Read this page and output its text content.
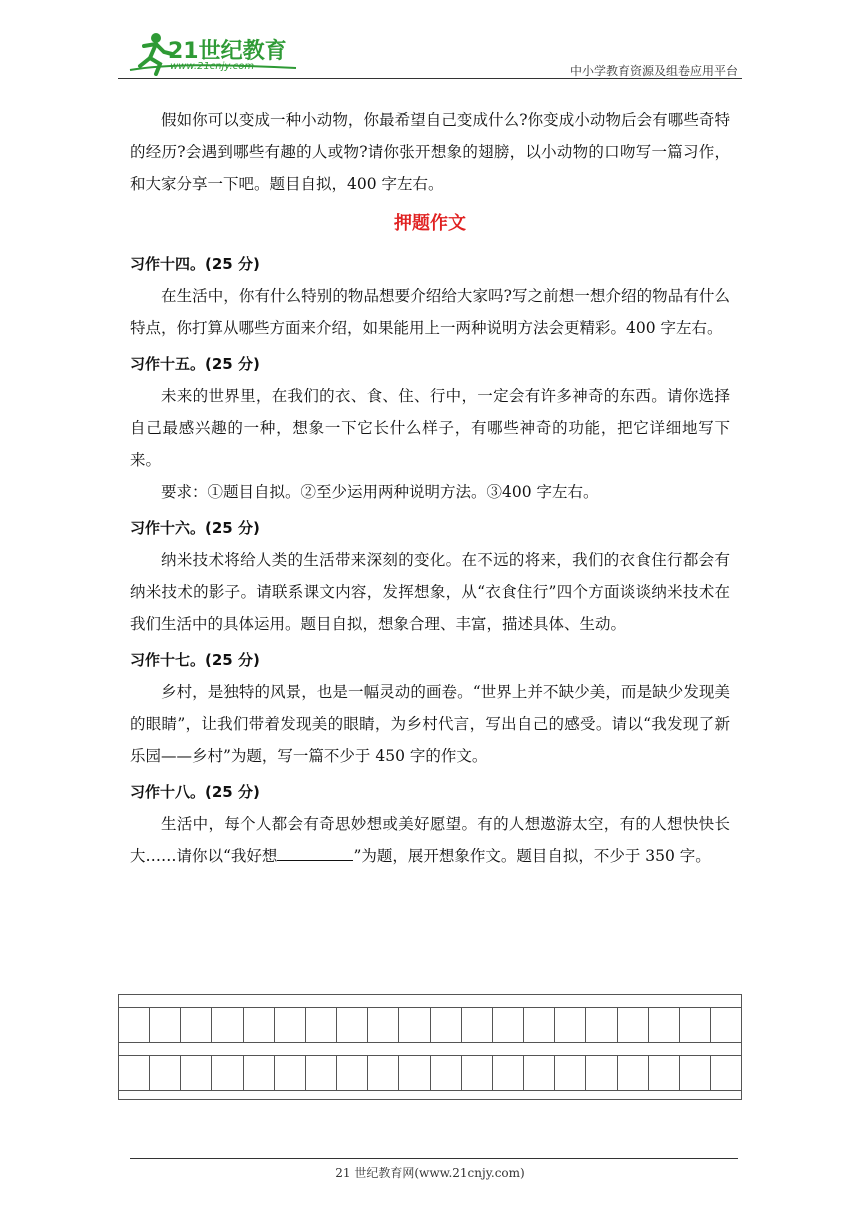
21世纪教育
www.21cnjy.com	中小学教育资源及组卷应用平台

假如你可以变成一种小动物，你最希望自己变成什么?你变成小动物后会有哪些奇特的经历?会遇到哪些有趣的人或物?请你张开想象的翅膀，以小动物的口吻写一篇习作，和大家分享一下吧。题目自拟，400 字左右。

押题作文
习作十四。(25 分)

在生活中，你有什么特别的物品想要介绍给大家吗?写之前想一想介绍的物品有什么特点，你打算从哪些方面来介绍，如果能用上一两种说明方法会更精彩。400 字左右。

习作十五。(25 分)

未来的世界里，在我们的衣、食、住、行中，一定会有许多神奇的东西。请你选择自己最感兴趣的一种，想象一下它长什么样子，有哪些神奇的功能，把它详细地写下来。

要求：①题目自拟。②至少运用两种说明方法。③400 字左右。

习作十六。(25 分)

纳米技术将给人类的生活带来深刻的变化。在不远的将来，我们的衣食住行都会有纳米技术的影子。请联系课文内容，发挥想象，从“衣食住行”四个方面谈谈纳米技术在我们生活中的具体运用。题目自拟，想象合理、丰富，描述具体、生动。

习作十七。(25 分)

乡村，是独特的风景，也是一幅灵动的画卷。“世界上并不缺少美，而是缺少发现美的眼睛”，让我们带着发现美的眼睛，为乡村代言，写出自己的感受。请以“我发现了新乐园——乡村”为题，写一篇不少于 450 字的作文。

习作十八。(25 分)

生活中，每个人都会有奇思妙想或美好愿望。有的人想遨游太空，有的人想快快长大……请你以“我好想	”为题，展开想象作文。题目自拟，不少于 350 字。

21 世纪教育网(www.21cnjy.com)
